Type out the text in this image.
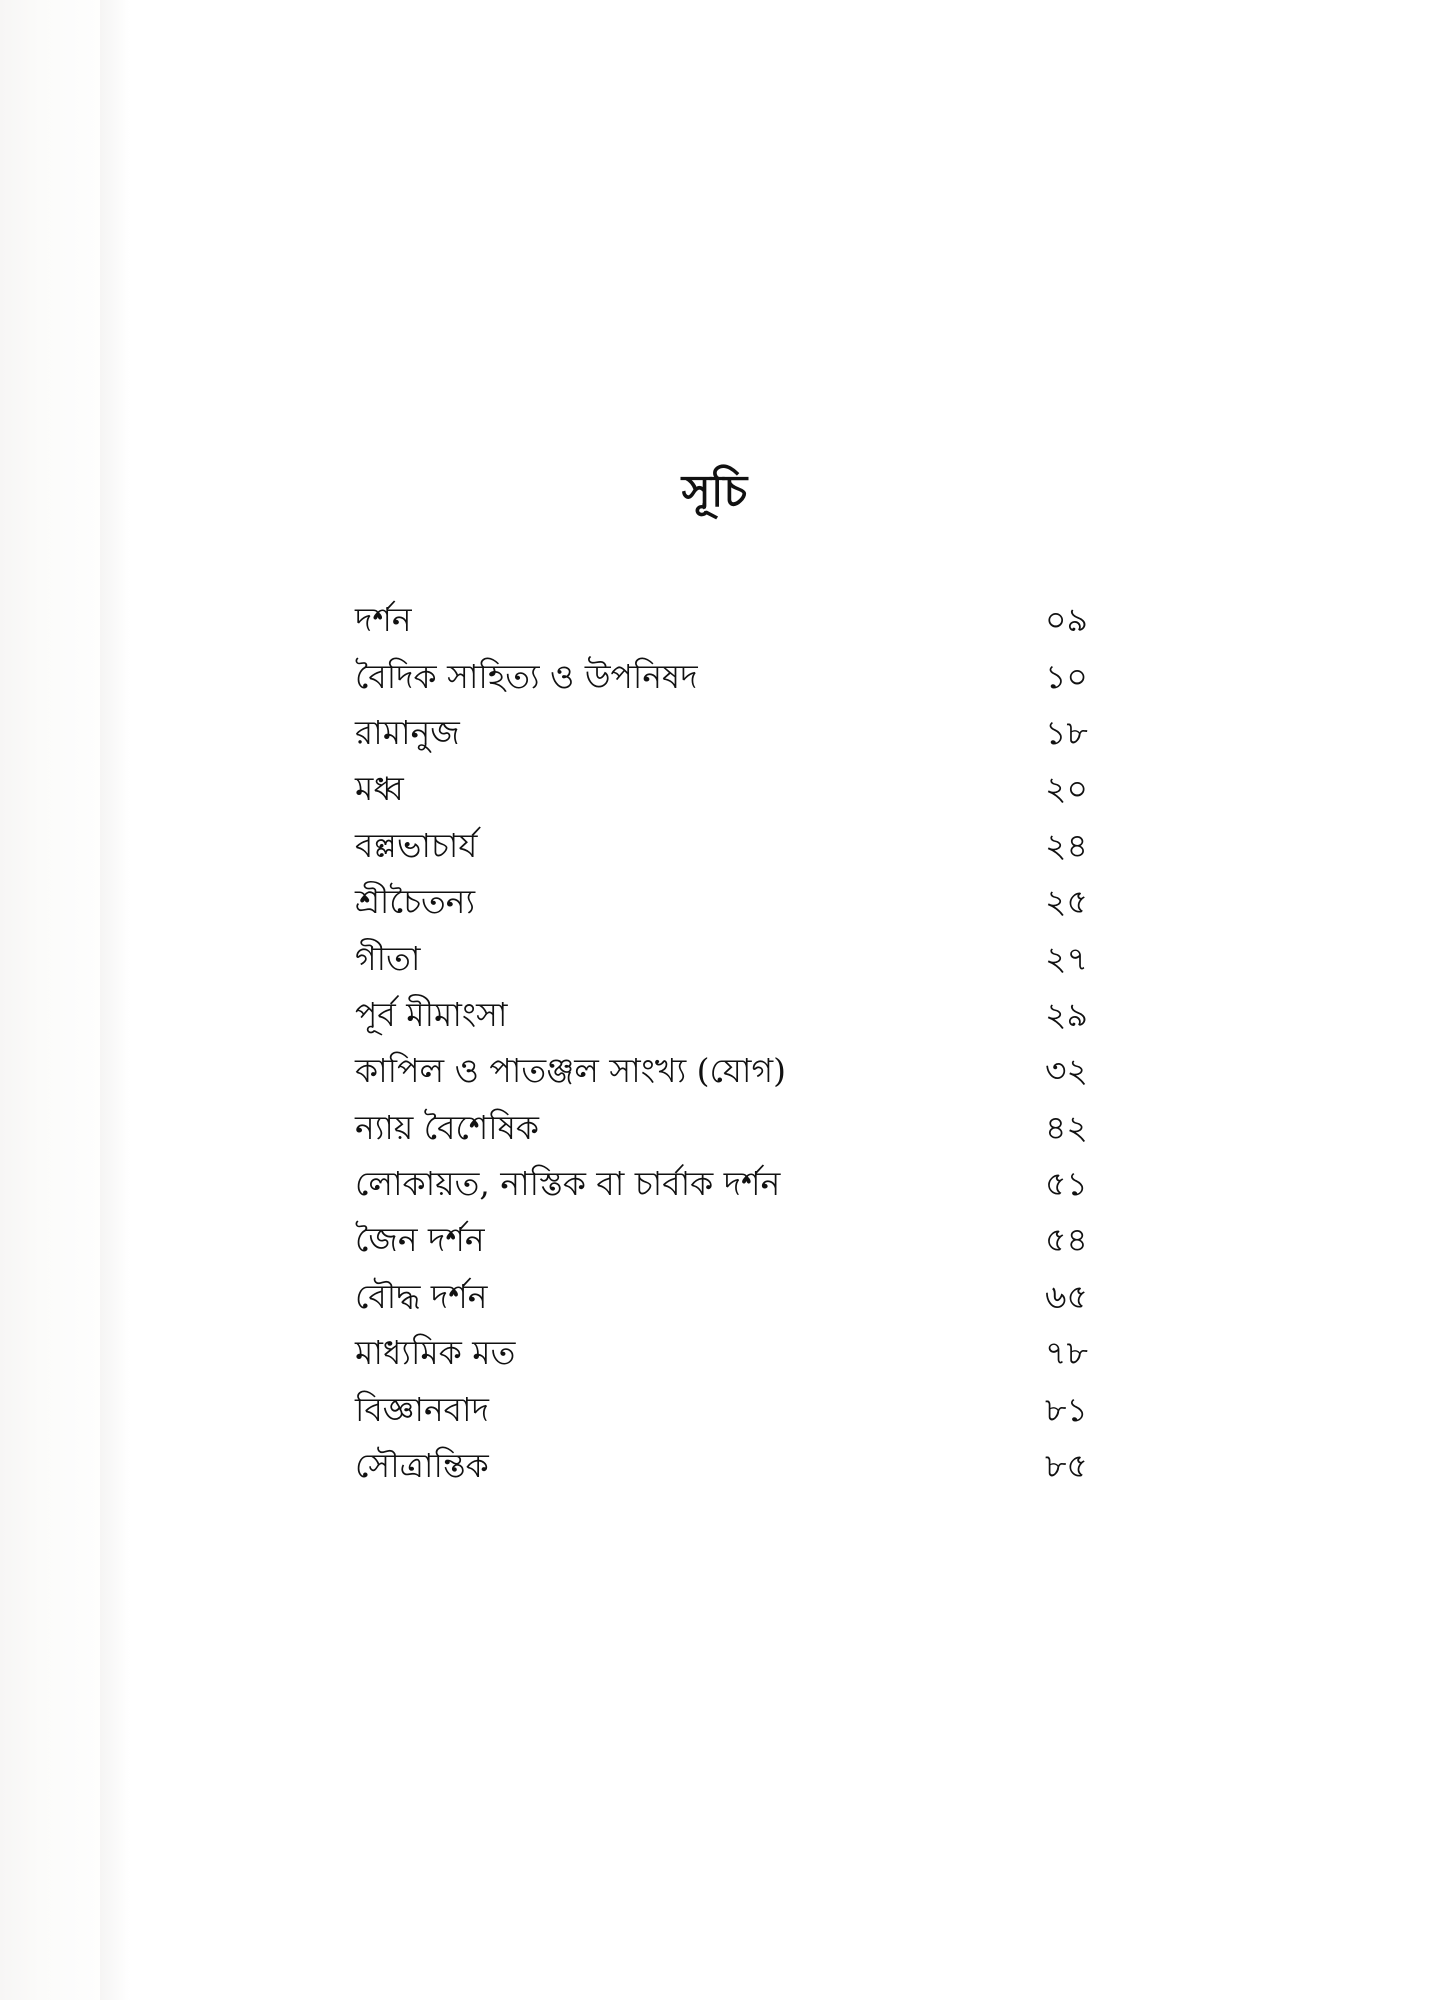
সূচি
দর্শন	০৯
বৈদিক সাহিত্য ও উপনিষদ	১০
রামানুজ	১৮
মধ্ব	২০
বল্লভাচার্য	২৪
শ্রীচৈতন্য	২৫
গীতা	২৭
পূর্ব মীমাংসা	২৯
কাপিল ও পাতঞ্জল সাংখ্য (যোগ)	৩২
ন্যায় বৈশেষিক	৪২
লোকায়ত, নাস্তিক বা চার্বাক দর্শন	৫১
জৈন দর্শন	৫৪
বৌদ্ধ দর্শন	৬৫
মাধ্যমিক মত	৭৮
বিজ্ঞানবাদ	৮১
সৌত্রান্তিক	৮৫
